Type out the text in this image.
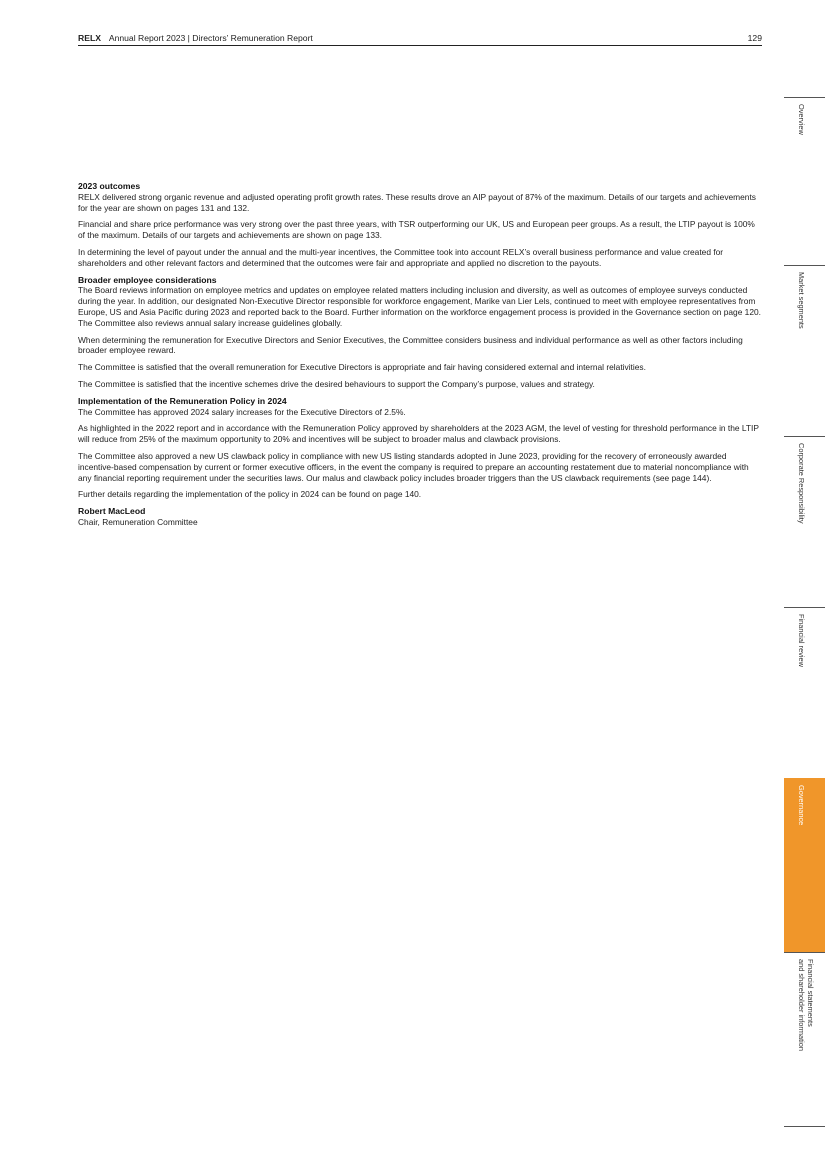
RELX Annual Report 2023 | Directors’ Remuneration Report	129
2023 outcomes

RELX delivered strong organic revenue and adjusted operating profit growth rates. These results drove an AIP payout of 87% of the maximum. Details of our targets and achievements for the year are shown on pages 131 and 132.

Financial and share price performance was very strong over the past three years, with TSR outperforming our UK, US and European peer groups. As a result, the LTIP payout is 100% of the maximum. Details of our targets and achievements are shown on page 133.

In determining the level of payout under the annual and the multi-year incentives, the Committee took into account RELX’s overall business performance and value created for shareholders and other relevant factors and determined that the outcomes were fair and appropriate and applied no discretion to the payouts.

Broader employee considerations

The Board reviews information on employee metrics and updates on employee related matters including inclusion and diversity, as well as outcomes of employee surveys conducted during the year. In addition, our designated Non-Executive Director responsible for workforce engagement, Marike van Lier Lels, continued to meet with employee representatives from Europe, US and Asia Pacific during 2023 and reported back to the Board. Further information on the workforce engagement process is provided in the Governance section on page 120. The Committee also reviews annual salary increase guidelines globally.

When determining the remuneration for Executive Directors and Senior Executives, the Committee considers business and individual performance as well as other factors including broader employee reward.

The Committee is satisfied that the overall remuneration for Executive Directors is appropriate and fair having considered external and internal relativities.

The Committee is satisfied that the incentive schemes drive the desired behaviours to support the Company’s purpose, values and strategy.

Implementation of the Remuneration Policy in 2024

The Committee has approved 2024 salary increases for the Executive Directors of 2.5%.

As highlighted in the 2022 report and in accordance with the Remuneration Policy approved by shareholders at the 2023 AGM, the level of vesting for threshold performance in the LTIP will reduce from 25% of the maximum opportunity to 20% and incentives will be subject to broader malus and clawback provisions.

The Committee also approved a new US clawback policy in compliance with new US listing standards adopted in June 2023, providing for the recovery of erroneously awarded incentive-based compensation by current or former executive officers, in the event the company is required to prepare an accounting restatement due to material noncompliance with any financial reporting requirement under the securities laws. Our malus and clawback policy includes broader triggers than the US clawback requirements (see page 144).

Further details regarding the implementation of the policy in 2024 can be found on page 140.

Robert MacLeod

Chair, Remuneration Committee

Overview
Market segments
Corporate Responsibility
Financial review
Governance
Financial statements
and shareholder information
